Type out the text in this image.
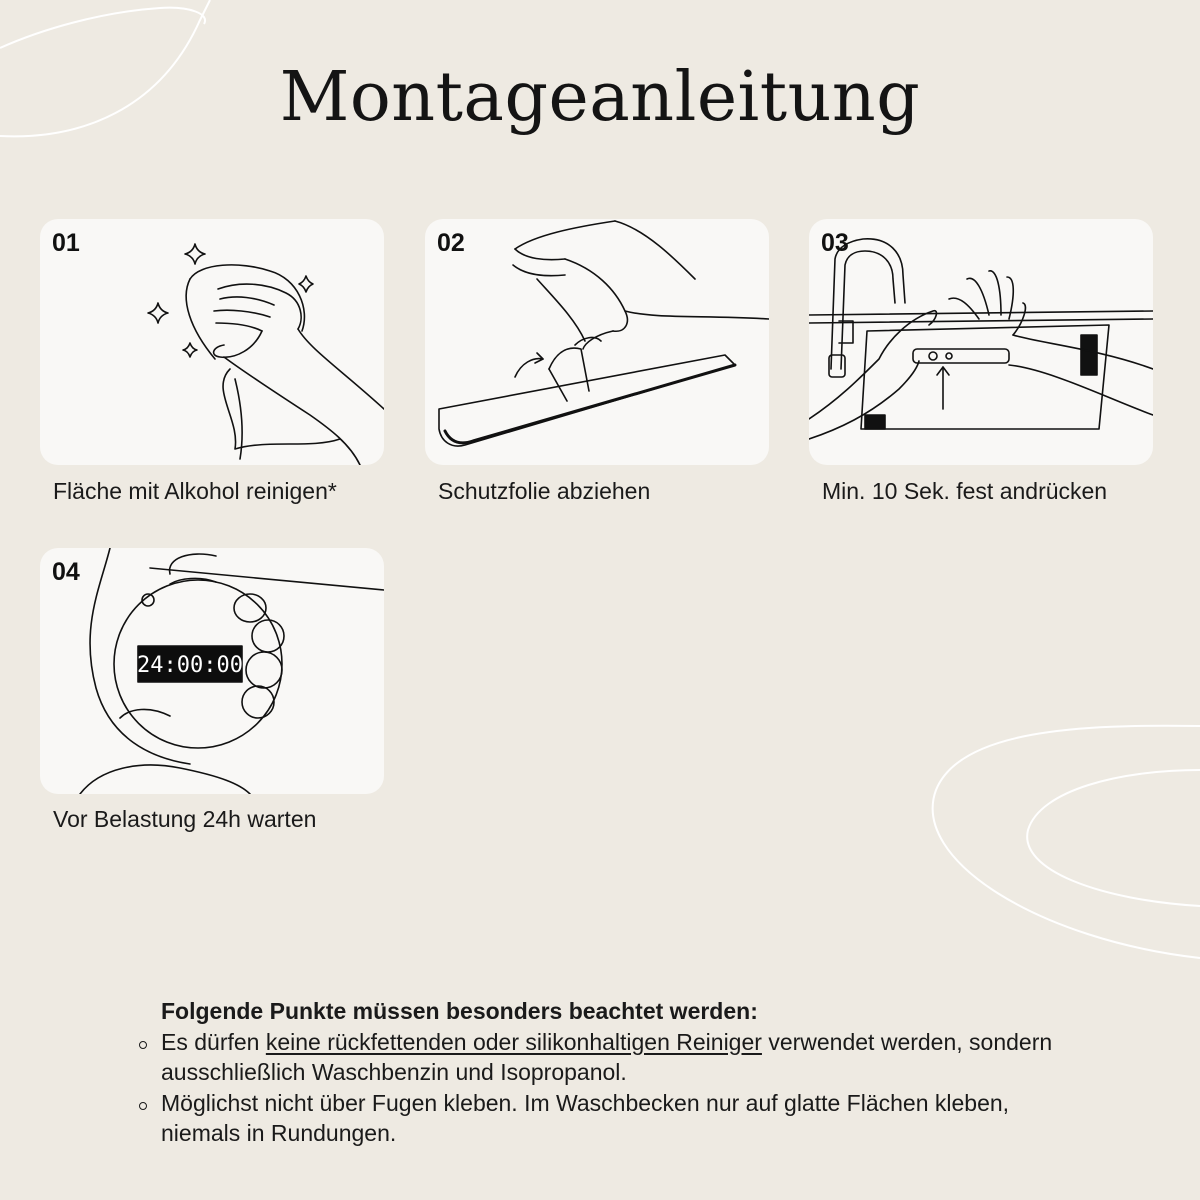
Montageanleitung
01
Fläche mit Alkohol reinigen*
02
Schutzfolie abziehen
03
Min. 10 Sek. fest andrücken
24:00:00
04
Vor Belastung 24h warten
Folgende Punkte müssen besonders beachtet werden:
Es dürfen keine rückfettenden oder silikonhaltigen Reiniger verwendet werden, sondern ausschließlich Waschbenzin und Isopropanol.
Möglichst nicht über Fugen kleben. Im Waschbecken nur auf glatte Flächen kleben, niemals in Rundungen.
